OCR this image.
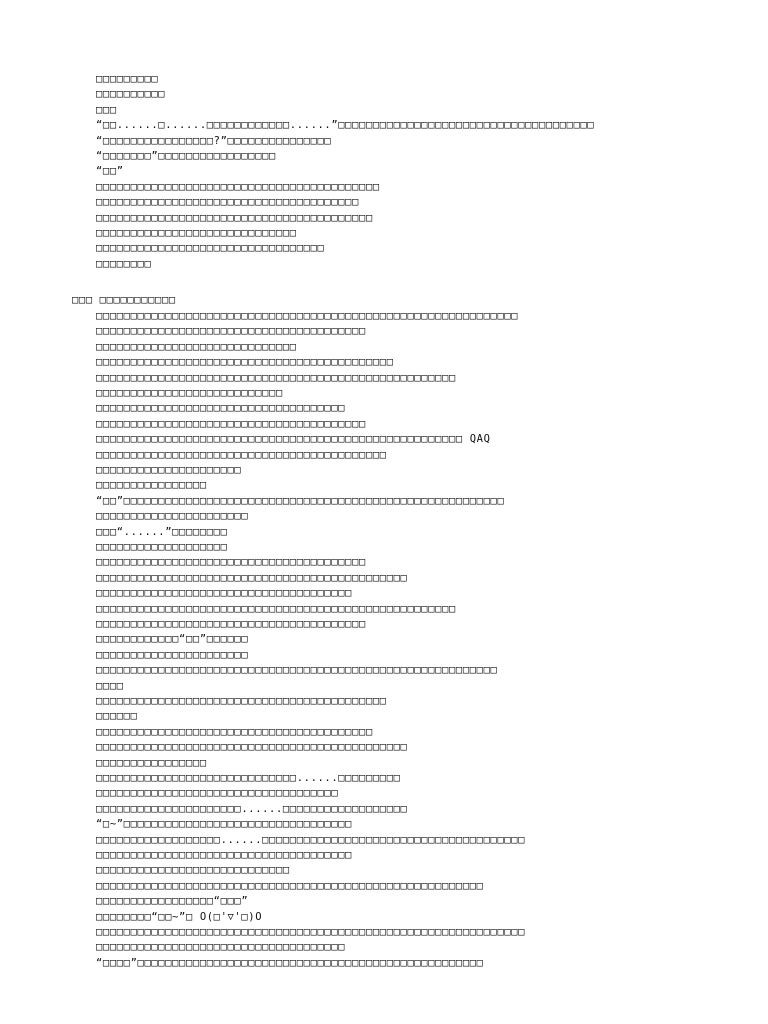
□□□□□□□□□
□□□□□□□□□□
□□□
“□□......□......□□□□□□□□□□□□......”□□□□□□□□□□□□□□□□□□□□□□□□□□□□□□□□□□□□□
“□□□□□□□□□□□□□□□□?”□□□□□□□□□□□□□□□
“□□□□□□□”□□□□□□□□□□□□□□□□□
“□□”
□□□□□□□□□□□□□□□□□□□□□□□□□□□□□□□□□□□□□□□□□
□□□□□□□□□□□□□□□□□□□□□□□□□□□□□□□□□□□□□□
□□□□□□□□□□□□□□□□□□□□□□□□□□□□□□□□□□□□□□□□
□□□□□□□□□□□□□□□□□□□□□□□□□□□□□
□□□□□□□□□□□□□□□□□□□□□□□□□□□□□□□□□
□□□□□□□□
□□□ □□□□□□□□□□□
□□□□□□□□□□□□□□□□□□□□□□□□□□□□□□□□□□□□□□□□□□□□□□□□□□□□□□□□□□□□□
□□□□□□□□□□□□□□□□□□□□□□□□□□□□□□□□□□□□□□□
□□□□□□□□□□□□□□□□□□□□□□□□□□□□□
□□□□□□□□□□□□□□□□□□□□□□□□□□□□□□□□□□□□□□□□□□□
□□□□□□□□□□□□□□□□□□□□□□□□□□□□□□□□□□□□□□□□□□□□□□□□□□□□
□□□□□□□□□□□□□□□□□□□□□□□□□□□
□□□□□□□□□□□□□□□□□□□□□□□□□□□□□□□□□□□□
□□□□□□□□□□□□□□□□□□□□□□□□□□□□□□□□□□□□□□□
□□□□□□□□□□□□□□□□□□□□□□□□□□□□□□□□□□□□□□□□□□□□□□□□□□□□□ QAQ
□□□□□□□□□□□□□□□□□□□□□□□□□□□□□□□□□□□□□□□□□□
□□□□□□□□□□□□□□□□□□□□□
□□□□□□□□□□□□□□□□
“□□”□□□□□□□□□□□□□□□□□□□□□□□□□□□□□□□□□□□□□□□□□□□□□□□□□□□□□□□
□□□□□□□□□□□□□□□□□□□□□□
□□□“......”□□□□□□□□
□□□□□□□□□□□□□□□□□□□
□□□□□□□□□□□□□□□□□□□□□□□□□□□□□□□□□□□□□□□
□□□□□□□□□□□□□□□□□□□□□□□□□□□□□□□□□□□□□□□□□□□□□
□□□□□□□□□□□□□□□□□□□□□□□□□□□□□□□□□□□□□
□□□□□□□□□□□□□□□□□□□□□□□□□□□□□□□□□□□□□□□□□□□□□□□□□□□□
□□□□□□□□□□□□□□□□□□□□□□□□□□□□□□□□□□□□□□□
□□□□□□□□□□□□“□□”□□□□□□
□□□□□□□□□□□□□□□□□□□□□□
□□□□□□□□□□□□□□□□□□□□□□□□□□□□□□□□□□□□□□□□□□□□□□□□□□□□□□□□□□
□□□□
□□□□□□□□□□□□□□□□□□□□□□□□□□□□□□□□□□□□□□□□□□
□□□□□□
□□□□□□□□□□□□□□□□□□□□□□□□□□□□□□□□□□□□□□□□
□□□□□□□□□□□□□□□□□□□□□□□□□□□□□□□□□□□□□□□□□□□□□
□□□□□□□□□□□□□□□□
□□□□□□□□□□□□□□□□□□□□□□□□□□□□□......□□□□□□□□□
□□□□□□□□□□□□□□□□□□□□□□□□□□□□□□□□□□□
□□□□□□□□□□□□□□□□□□□□□......□□□□□□□□□□□□□□□□□□
“□~”□□□□□□□□□□□□□□□□□□□□□□□□□□□□□□□□□
□□□□□□□□□□□□□□□□□□......□□□□□□□□□□□□□□□□□□□□□□□□□□□□□□□□□□□□□□
□□□□□□□□□□□□□□□□□□□□□□□□□□□□□□□□□□□□□
□□□□□□□□□□□□□□□□□□□□□□□□□□□□
□□□□□□□□□□□□□□□□□□□□□□□□□□□□□□□□□□□□□□□□□□□□□□□□□□□□□□□□
□□□□□□□□□□□□□□□□□“□□□”
□□□□□□□□“□□~”□ O(□'▽'□)O
□□□□□□□□□□□□□□□□□□□□□□□□□□□□□□□□□□□□□□□□□□□□□□□□□□□□□□□□□□□□□□
□□□□□□□□□□□□□□□□□□□□□□□□□□□□□□□□□□□□
“□□□□”□□□□□□□□□□□□□□□□□□□□□□□□□□□□□□□□□□□□□□□□□□□□□□□□□□
